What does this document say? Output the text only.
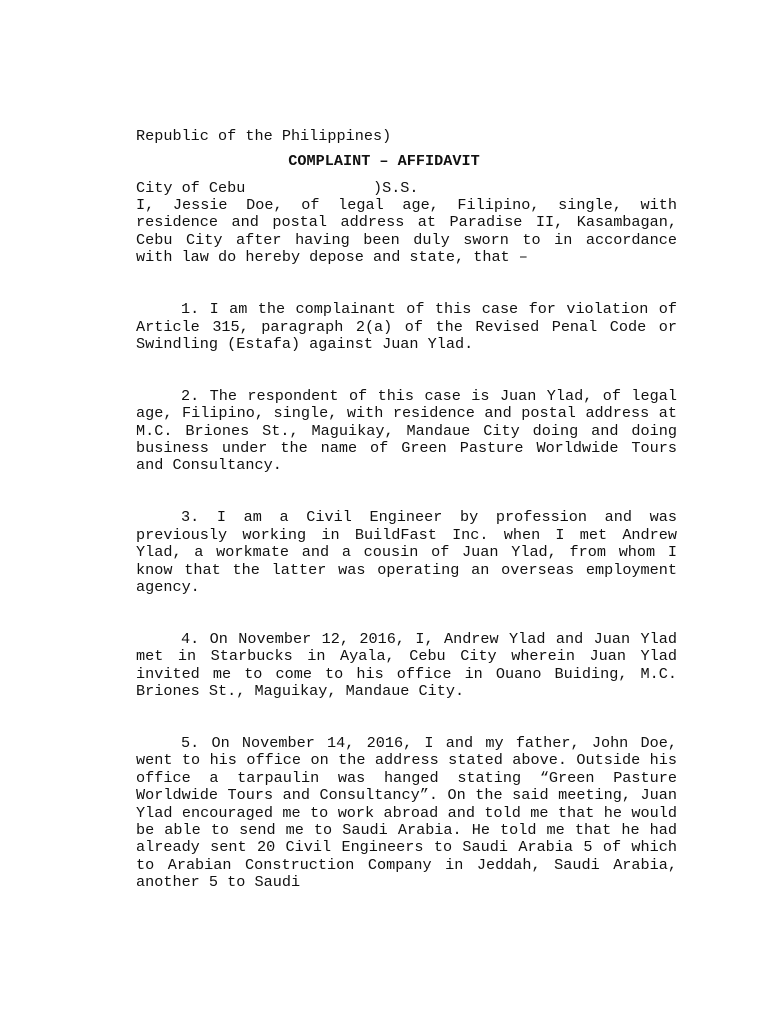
Republic of the Philippines)

City of Cebu              )S.S.

COMPLAINT – AFFIDAVIT

I, Jessie Doe, of legal age, Filipino, single, with residence and postal address at Paradise II, Kasambagan, Cebu City after having been duly sworn to in accordance with law do hereby depose and state, that –

1. I am the complainant of this case for violation of Article 315, paragraph 2(a) of the Revised Penal Code or Swindling (Estafa) against Juan Ylad.

2. The respondent of this case is Juan Ylad, of legal age, Filipino, single, with residence and postal address at M.C. Briones St., Maguikay, Mandaue City doing and doing business under the name of Green Pasture Worldwide Tours and Consultancy.

3. I am a Civil Engineer by profession and was previously working in BuildFast Inc. when I met Andrew Ylad, a workmate and a cousin of Juan Ylad, from whom I know that the latter was operating an overseas employment agency.

4. On November 12, 2016, I, Andrew Ylad and Juan Ylad met in Starbucks in Ayala, Cebu City wherein Juan Ylad invited me to come to his office in Ouano Buiding, M.C. Briones St., Maguikay, Mandaue City.

5. On November 14, 2016, I and my father, John Doe, went to his office on the address stated above. Outside his office a tarpaulin was hanged stating “Green Pasture Worldwide Tours and Consultancy”. On the said meeting, Juan Ylad encouraged me to work abroad and told me that he would be able to send me to Saudi Arabia. He told me that he had already sent 20 Civil Engineers to Saudi Arabia 5 of which to Arabian Construction Company in Jeddah, Saudi Arabia, another 5 to Saudi
